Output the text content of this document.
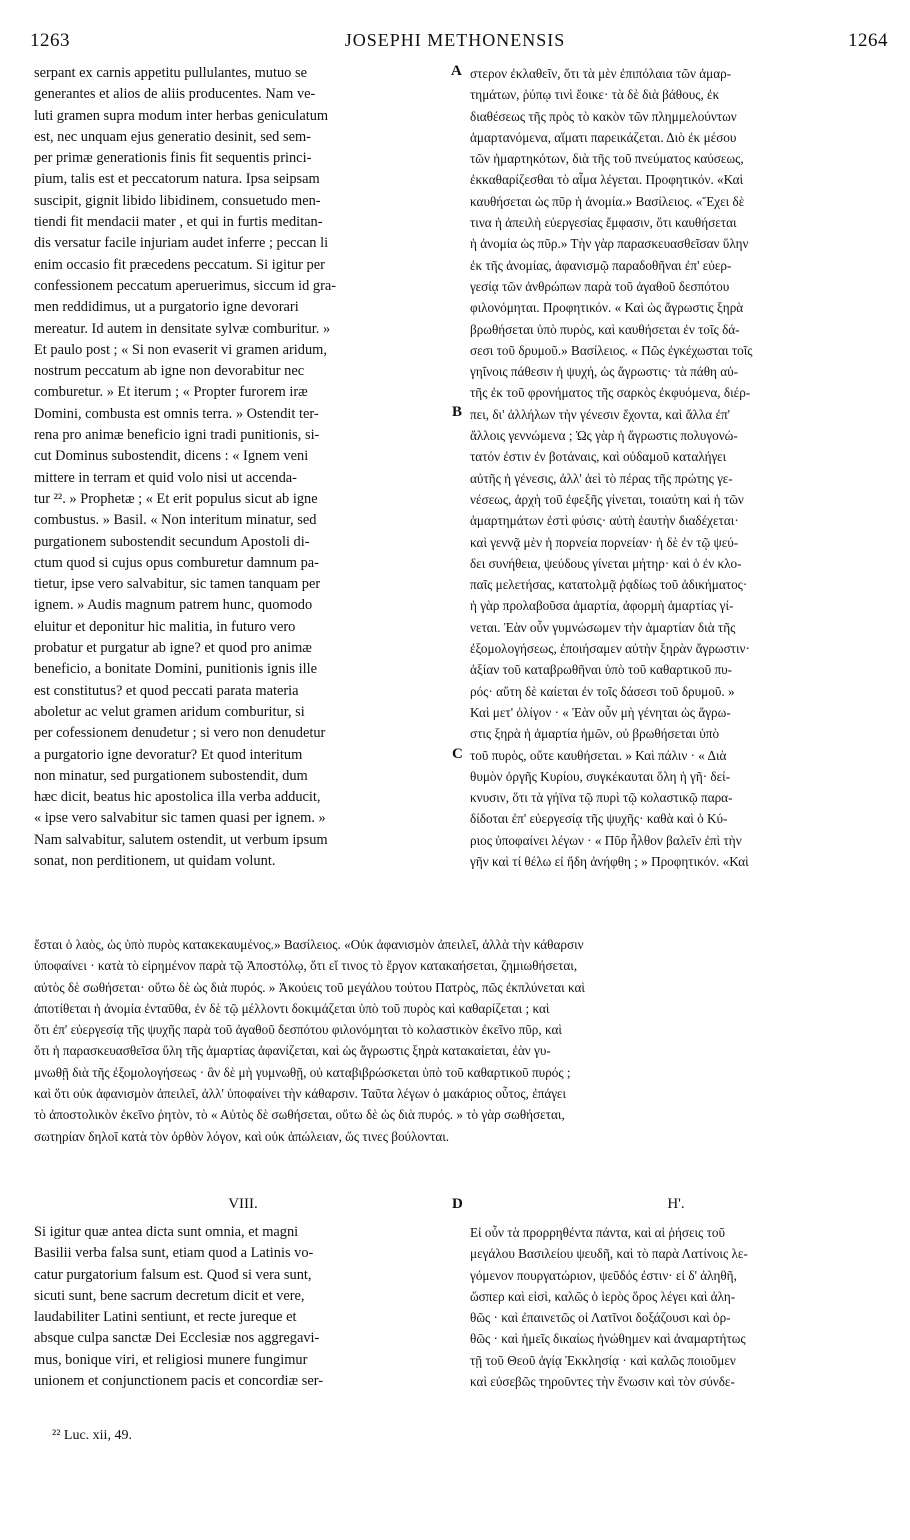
1263	JOSEPHI METHONENSIS	1264
serpant ex carnis appetitu pullulantes, mutuo se
generantes et alios de aliis producentes. Nam ve-
luti gramen supra modum inter herbas geniculatum
est, nec unquam ejus generatio desinit, sed sem-
per primæ generationis finis fit sequentis princi-
pium, talis est et peccatorum natura. Ipsa seipsam
suscipit, gignit libido libidinem, consuetudo men-
tiendi fit mendacii mater , et qui in furtis meditan-
dis versatur facile injuriam audet inferre ; peccan li
enim occasio fit præcedens peccatum. Si igitur per
confessionem peccatum aperuerimus, siccum id gra-
men reddidimus, ut a purgatorio igne devorari
mereatur. Id autem in densitate sylvæ comburitur. »
Et paulo post ; « Si non evaserit vi gramen aridum,
nostrum peccatum ab igne non devorabitur nec
comburetur. » Et iterum ; « Propter furorem iræ
Domini, combusta est omnis terra. » Ostendit ter-
rena pro animæ beneficio igni tradi punitionis, si-
cut Dominus subostendit, dicens : « Ignem veni
mittere in terram et quid volo nisi ut accenda-
tur ²². » Prophetæ ; « Et erit populus sicut ab igne
combustus. » Basil. « Non interitum minatur, sed
purgationem subostendit secundum Apostoli di-
ctum quod si cujus opus comburetur damnum pa-
tietur, ipse vero salvabitur, sic tamen tanquam per
ignem. » Audis magnum patrem hunc, quomodo
eluitur et deponitur hic malitia, in futuro vero
probatur et purgatur ab igne? et quod pro animæ
beneficio, a bonitate Domini, punitionis ignis ille
est constitutus? et quod peccati parata materia
aboletur ac velut gramen aridum comburitur, si
per cofessionem denudetur ; si vero non denudetur
a purgatorio igne devoratur? Et quod interitum
non minatur, sed purgationem subostendit, dum
hæc dicit, beatus hic apostolica illa verba adducit,
« ipse vero salvabitur sic tamen quasi per ignem. »
Nam salvabitur, salutem ostendit, ut verbum ipsum
sonat, non perditionem, ut quidam volunt.
στερον ἐκλαθεῖν, ὅτι τὰ μὲν ἐπιπόλαια τῶν ἀμαρ-
τημάτων, ῥύπῳ τινὶ ἔοικε· τὰ δὲ διὰ βάθους, ἐκ
διαθέσεως τῆς πρὸς τὸ κακὸν τῶν πλημμελούντων
ἁμαρτανόμενα, αἵματι παρεικάζεται. Διὸ ἐκ μέσου
τῶν ἡμαρτηκότων, διὰ τῆς τοῦ πνεύματος καύσεως,
ἐκκαθαρίζεσθαι τὸ αἷμα λέγεται. Προφητικόν. «Καὶ
καυθήσεται ὡς πῦρ ἡ ἀνομία.» Βασίλειος. «Ἔχει δὲ
τινα ἡ ἀπειλὴ εὐεργεσίας ἔμφασιν, ὅτι καυθήσεται
ἡ ἀνομία ὡς πῦρ.» Τὴν γὰρ παρασκευασθεῖσαν ὕλην
ἐκ τῆς ἀνομίας, ἀφανισμῷ παραδοθῆναι ἐπ' εὐερ-
γεσίᾳ τῶν ἀνθρώπων παρὰ τοῦ ἀγαθοῦ δεσπότου
φιλονόμηται. Προφητικόν. « Καὶ ὡς ἄγρωστις ξηρὰ
βρωθήσεται ὑπὸ πυρὸς, καὶ καυθήσεται ἐν τοῖς δά-
σεσι τοῦ δρυμοῦ.» Βασίλειος. « Πῶς ἐγκέχωσται τοῖς
γηΐνοις πάθεσιν ἡ ψυχή, ὡς ἄγρωστις· τὰ πάθη αὐ-
τῆς ἐκ τοῦ φρονήματος τῆς σαρκὸς ἐκφυόμενα, διέρ-
πει, δι' ἀλλήλων τὴν γένεσιν ἔχοντα, καὶ ἄλλα ἐπ'
ἄλλοις γεννώμενα ; Ὡς γὰρ ἡ ἄγρωστις πολυγονώ-
τατόν ἐστιν ἐν βοτάναις, καὶ οὐδαμοῦ καταλήγει
αὐτῆς ἡ γένεσις, ἀλλ' ἀεὶ τὸ πέρας τῆς πρώτης γε-
νέσεως, ἀρχὴ τοῦ ἐφεξῆς γίνεται, τοιαύτη καὶ ἡ τῶν
ἁμαρτημάτων ἐστὶ φύσις· αὐτὴ ἑαυτὴν διαδέχεται·
καὶ γεννᾷ μὲν ἡ πορνεία πορνείαν· ἡ δὲ ἐν τῷ ψεύ-
δει συνήθεια, ψεύδους γίνεται μήτηρ· καὶ ὁ ἐν κλο-
παῖς μελετήσας, κατατολμᾷ ῥᾳδίως τοῦ ἀδικήματος·
ἡ γὰρ προλαβοῦσα ἁμαρτία, ἀφορμὴ ἁμαρτίας γί-
νεται. Ἐὰν οὖν γυμνώσωμεν τὴν ἁμαρτίαν διὰ τῆς
ἐξομολογήσεως, ἐποιήσαμεν αὐτὴν ξηρὰν ἄγρωστιν·
ἀξίαν τοῦ καταβρωθῆναι ὑπὸ τοῦ καθαρτικοῦ πυ-
ρός· αὕτη δὲ καίεται ἐν τοῖς δάσεσι τοῦ δρυμοῦ. »
Καὶ μετ' ὀλίγον · « Ἐὰν οὖν μὴ γένηται ὡς ἄγρω-
στις ξηρὰ ἡ ἁμαρτία ἡμῶν, οὐ βρωθήσεται ὑπὸ
τοῦ πυρὸς, οὔτε καυθήσεται. » Καὶ πάλιν · « Διὰ
θυμὸν ὀργῆς Κυρίου, συγκέκαυται ὅλη ἡ γῆ· δεί-
κνυσιν, ὅτι τὰ γήϊνα τῷ πυρὶ τῷ κολαστικῷ παρα-
δίδοται ἐπ' εὐεργεσίᾳ τῆς ψυχῆς· καθὰ καὶ ὁ Κύ-
ριος ὑποφαίνει λέγων · « Πῦρ ἦλθον βαλεῖν ἐπὶ τὴν
γῆν καὶ τί θέλω εἰ ἤδη ἀνήφθη ; » Προφητικόν. «Καὶ
A
B
C
D
ἔσται ὁ λαὸς, ὡς ὑπὸ πυρὸς κατακεκαυμένος.» Βασίλειος. «Οὐκ ἀφανισμὸν ἀπειλεῖ, ἀλλὰ τὴν κάθαρσιν
ὑποφαίνει · κατὰ τὸ εἰρημένον παρὰ τῷ Ἀποστόλῳ, ὅτι εἴ τινος τὸ ἔργον κατακαήσεται, ζημιωθήσεται,
αὐτὸς δὲ σωθήσεται· οὕτω δὲ ὡς διὰ πυρός. » Ἀκούεις τοῦ μεγάλου τούτου Πατρὸς, πῶς ἐκπλύνεται καὶ
ἀποτίθεται ἡ ἀνομία ἐνταῦθα, ἐν δὲ τῷ μέλλοντι δοκιμάζεται ὑπὸ τοῦ πυρὸς καὶ καθαρίζεται ; καὶ
ὅτι ἐπ' εὐεργεσίᾳ τῆς ψυχῆς παρὰ τοῦ ἀγαθοῦ δεσπότου φιλονόμηται τὸ κολαστικὸν ἐκεῖνο πῦρ, καὶ
ὅτι ἡ παρασκευασθεῖσα ὕλη τῆς ἁμαρτίας ἀφανίζεται, καὶ ὡς ἄγρωστις ξηρὰ κατακαίεται, ἐὰν γυ-
μνωθῇ διὰ τῆς ἐξομολογήσεως · ἂν δὲ μὴ γυμνωθῇ, οὐ καταβιβρώσκεται ὑπὸ τοῦ καθαρτικοῦ πυρός ;
καὶ ὅτι οὐκ ἀφανισμὸν ἀπειλεῖ, ἀλλ' ὑποφαίνει τὴν κάθαρσιν. Ταῦτα λέγων ὁ μακάριος οὗτος, ἐπάγει
τὸ ἀποστολικὸν ἐκεῖνο ῥητὸν, τὸ « Αὐτὸς δὲ σωθήσεται, οὕτω δὲ ὡς διὰ πυρός. » τὸ γὰρ σωθήσεται,
σωτηρίαν δηλοῖ κατὰ τὸν ὀρθὸν λόγον, καὶ οὐκ ἀπώλειαν, ὥς τινες βούλονται.
VIII.	Η'.
Si igitur quæ antea dicta sunt omnia, et magni
Basilii verba falsa sunt, etiam quod a Latinis vo-
catur purgatorium falsum est. Quod si vera sunt,
sicuti sunt, bene sacrum decretum dicit et vere,
laudabiliter Latini sentiunt, et recte jureque et
absque culpa sanctæ Dei Ecclesiæ nos aggregavi-
mus, bonique viri, et religiosi munere fungimur
unionem et conjunctionem pacis et concordiæ ser-
Εἰ οὖν τὰ προρρηθέντα πάντα, καὶ αἱ ῥήσεις τοῦ
μεγάλου Βασιλείου ψευδῆ, καὶ τὸ παρὰ Λατίνοις λε-
γόμενον πουργατώριον, ψεῦδός ἐστιν· εἰ δ' ἀληθῆ,
ὥσπερ καὶ εἰσὶ, καλῶς ὁ ἱερὸς ὅρος λέγει καὶ ἀλη-
θῶς · καὶ ἐπαινετῶς οἱ Λατῖνοι δοξάζουσι καὶ ὀρ-
θῶς · καὶ ἡμεῖς δικαίως ἡνώθημεν καὶ ἀναμαρτήτως
τῇ τοῦ Θεοῦ ἁγίᾳ Ἐκκλησίᾳ · καὶ καλῶς ποιοῦμεν
καὶ εὐσεβῶς τηροῦντες τὴν ἕνωσιν καὶ τὸν σύνδε-
²² Luc. xii, 49.
